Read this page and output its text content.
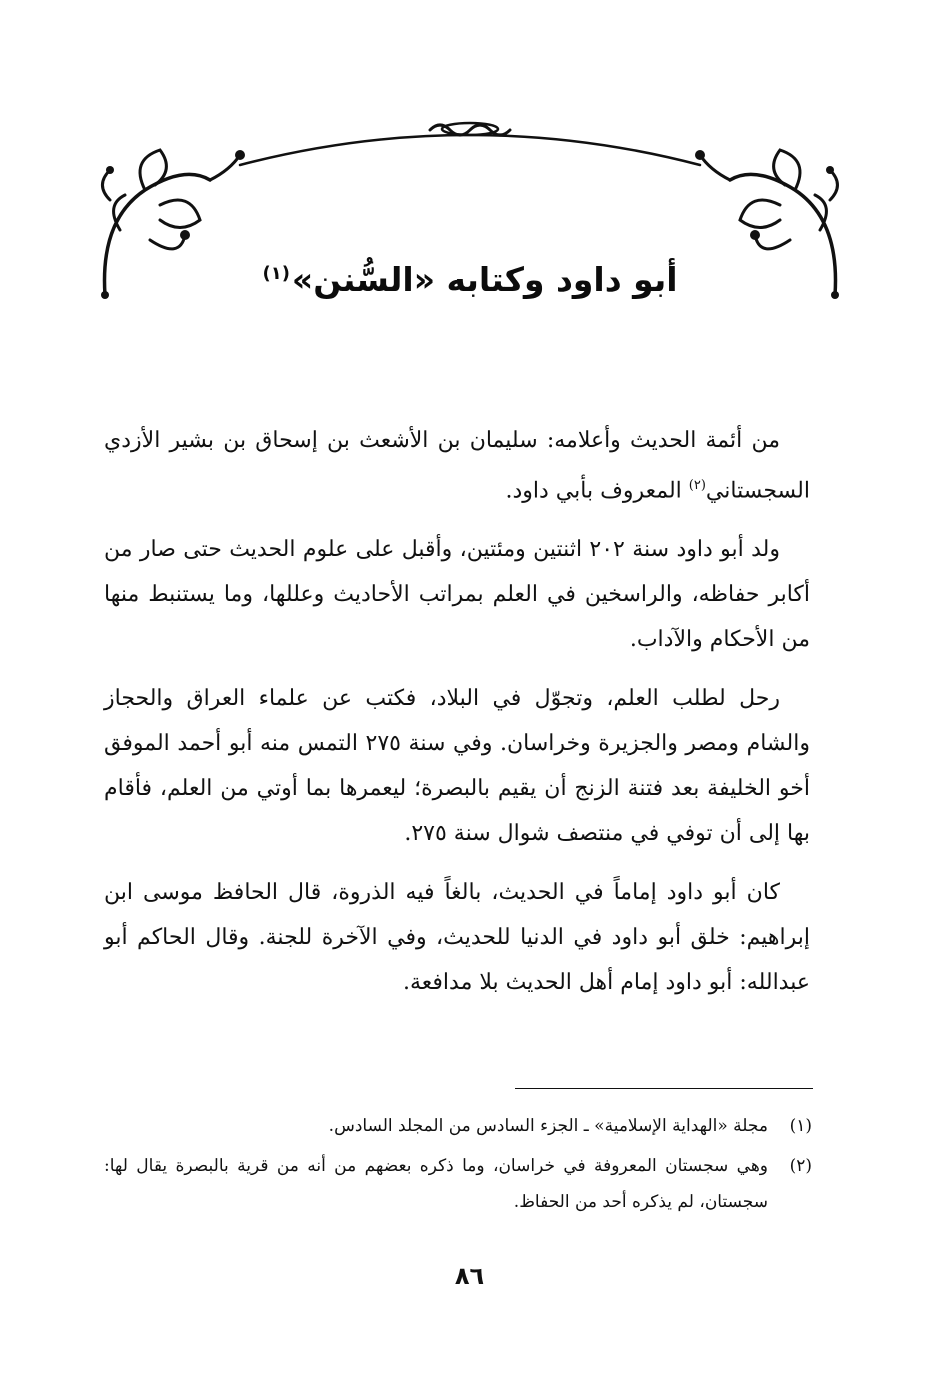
أبو داود وكتابه «السُّنن»$^{(١)}$

من أئمة الحديث وأعلامه: سليمان بن الأشعث بن إسحاق بن بشير الأزدي السجستاني$^{(٢)}$ المعروف بأبي داود.

ولد أبو داود سنة ٢٠٢ اثنتين ومئتين، وأقبل على علوم الحديث حتى صار من أكابر حفاظه، والراسخين في العلم بمراتب الأحاديث وعللها، وما يستنبط منها من الأحكام والآداب.

رحل لطلب العلم، وتجوّل في البلاد، فكتب عن علماء العراق والحجاز والشام ومصر والجزيرة وخراسان. وفي سنة ٢٧٥ التمس منه أبو أحمد الموفق أخو الخليفة بعد فتنة الزنج أن يقيم بالبصرة؛ ليعمرها بما أوتي من العلم، فأقام بها إلى أن توفي في منتصف شوال سنة ٢٧٥.

كان أبو داود إماماً في الحديث، بالغاً فيه الذروة، قال الحافظ موسى ابن إبراهيم: خلق أبو داود في الدنيا للحديث، وفي الآخرة للجنة. وقال الحاكم أبو عبدالله: أبو داود إمام أهل الحديث بلا مدافعة.

(١)
مجلة «الهداية الإسلامية» ـ الجزء السادس من المجلد السادس.
(٢)
وهي سجستان المعروفة في خراسان، وما ذكره بعضهم من أنه من قرية بالبصرة يقال لها: سجستان، لم يذكره أحد من الحفاظ.
٨٦
